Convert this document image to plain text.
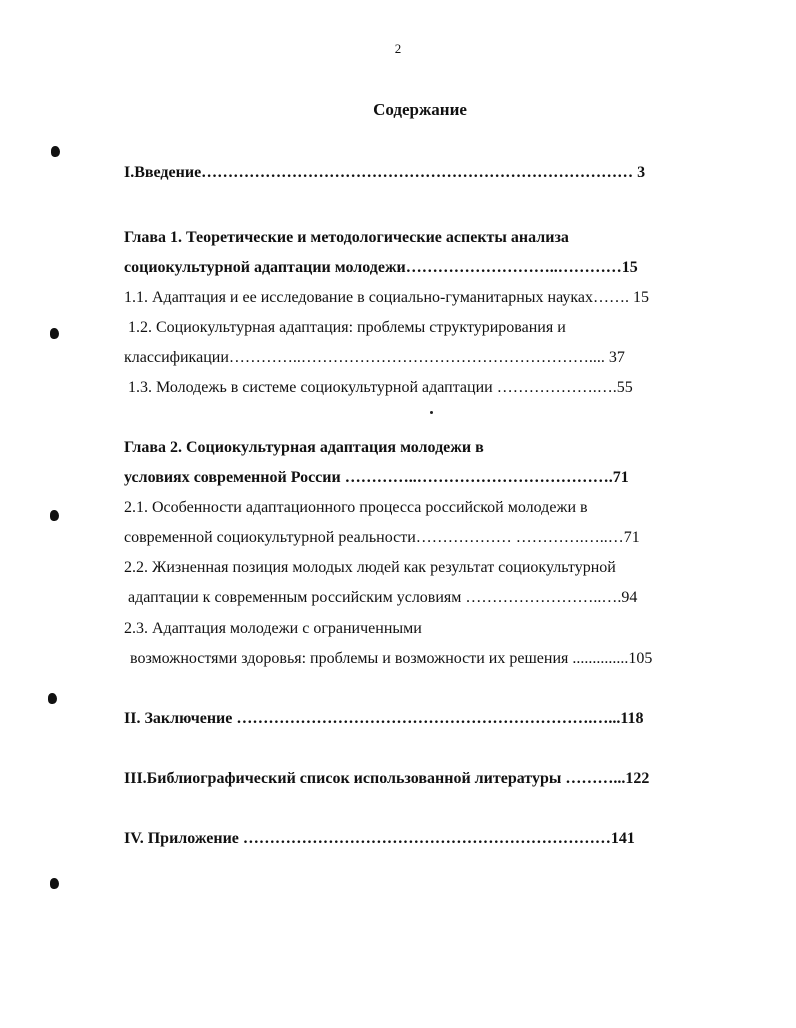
2
Содержание
I.Введение……………………………………………………………………… 3
Глава 1. Теоретические и методологические аспекты анализа
социокультурной адаптации молодежи………………………..…………15
1.1. Адаптация и ее исследование в социально-гуманитарных науках……. 15
1.2. Социокультурная адаптация: проблемы структурирования и
классификации…………..……………………………………………….... 37
1.3. Молодежь в системе социокультурной адаптации ……………….….55
Глава 2. Социокультурная адаптация молодежи в
условиях современной России …………..……………………………….71
2.1. Особенности адаптационного процесса российской молодежи в
современной социокультурной реальности……………… ………….…..…71
2.2. Жизненная позиция молодых людей как результат социокультурной
адаптации к современным российским условиям ……………………..….94
2.3. Адаптация молодежи с ограниченными
возможностями здоровья: проблемы и возможности их решения ..............105
II. Заключение ………………………………………………………….…...118
III.Библиографический список использованной литературы ………...122
IV. Приложение ……………………………………………………………141
